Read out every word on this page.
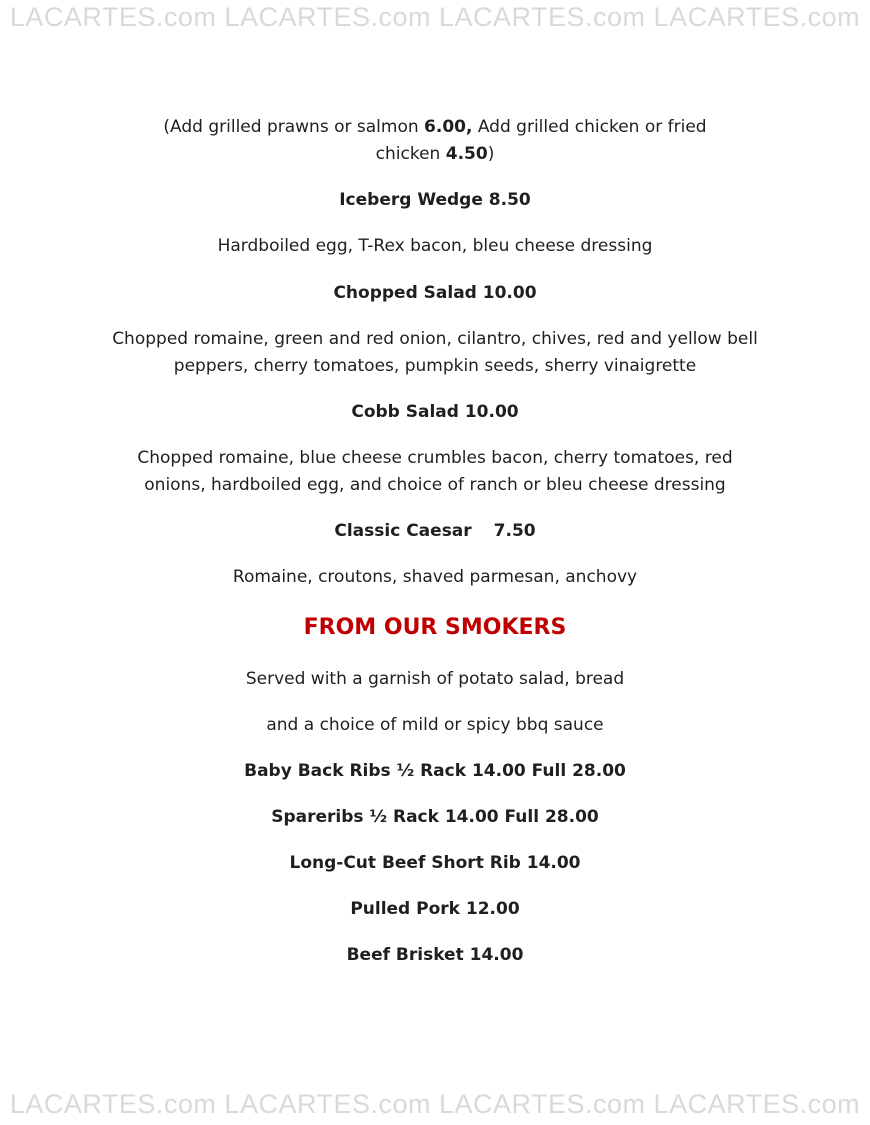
LACARTES.com LACARTES.com LACARTES.com LACARTES.com
(Add grilled prawns or salmon 6.00, Add grilled chicken or fried
chicken 4.50)
Iceberg Wedge 8.50
Hardboiled egg, T-Rex bacon, bleu cheese dressing
Chopped Salad 10.00
Chopped romaine, green and red onion, cilantro, chives, red and yellow bell
peppers, cherry tomatoes, pumpkin seeds, sherry vinaigrette
Cobb Salad 10.00
Chopped romaine, blue cheese crumbles bacon, cherry tomatoes, red
onions, hardboiled egg, and choice of ranch or bleu cheese dressing
Classic Caesar 7.50
Romaine, croutons, shaved parmesan, anchovy
FROM OUR SMOKERS
Served with a garnish of potato salad, bread
and a choice of mild or spicy bbq sauce
Baby Back Ribs ½ Rack 14.00 Full 28.00
Spareribs ½ Rack 14.00 Full 28.00
Long-Cut Beef Short Rib 14.00
Pulled Pork 12.00
Beef Brisket 14.00
LACARTES.com LACARTES.com LACARTES.com LACARTES.com
